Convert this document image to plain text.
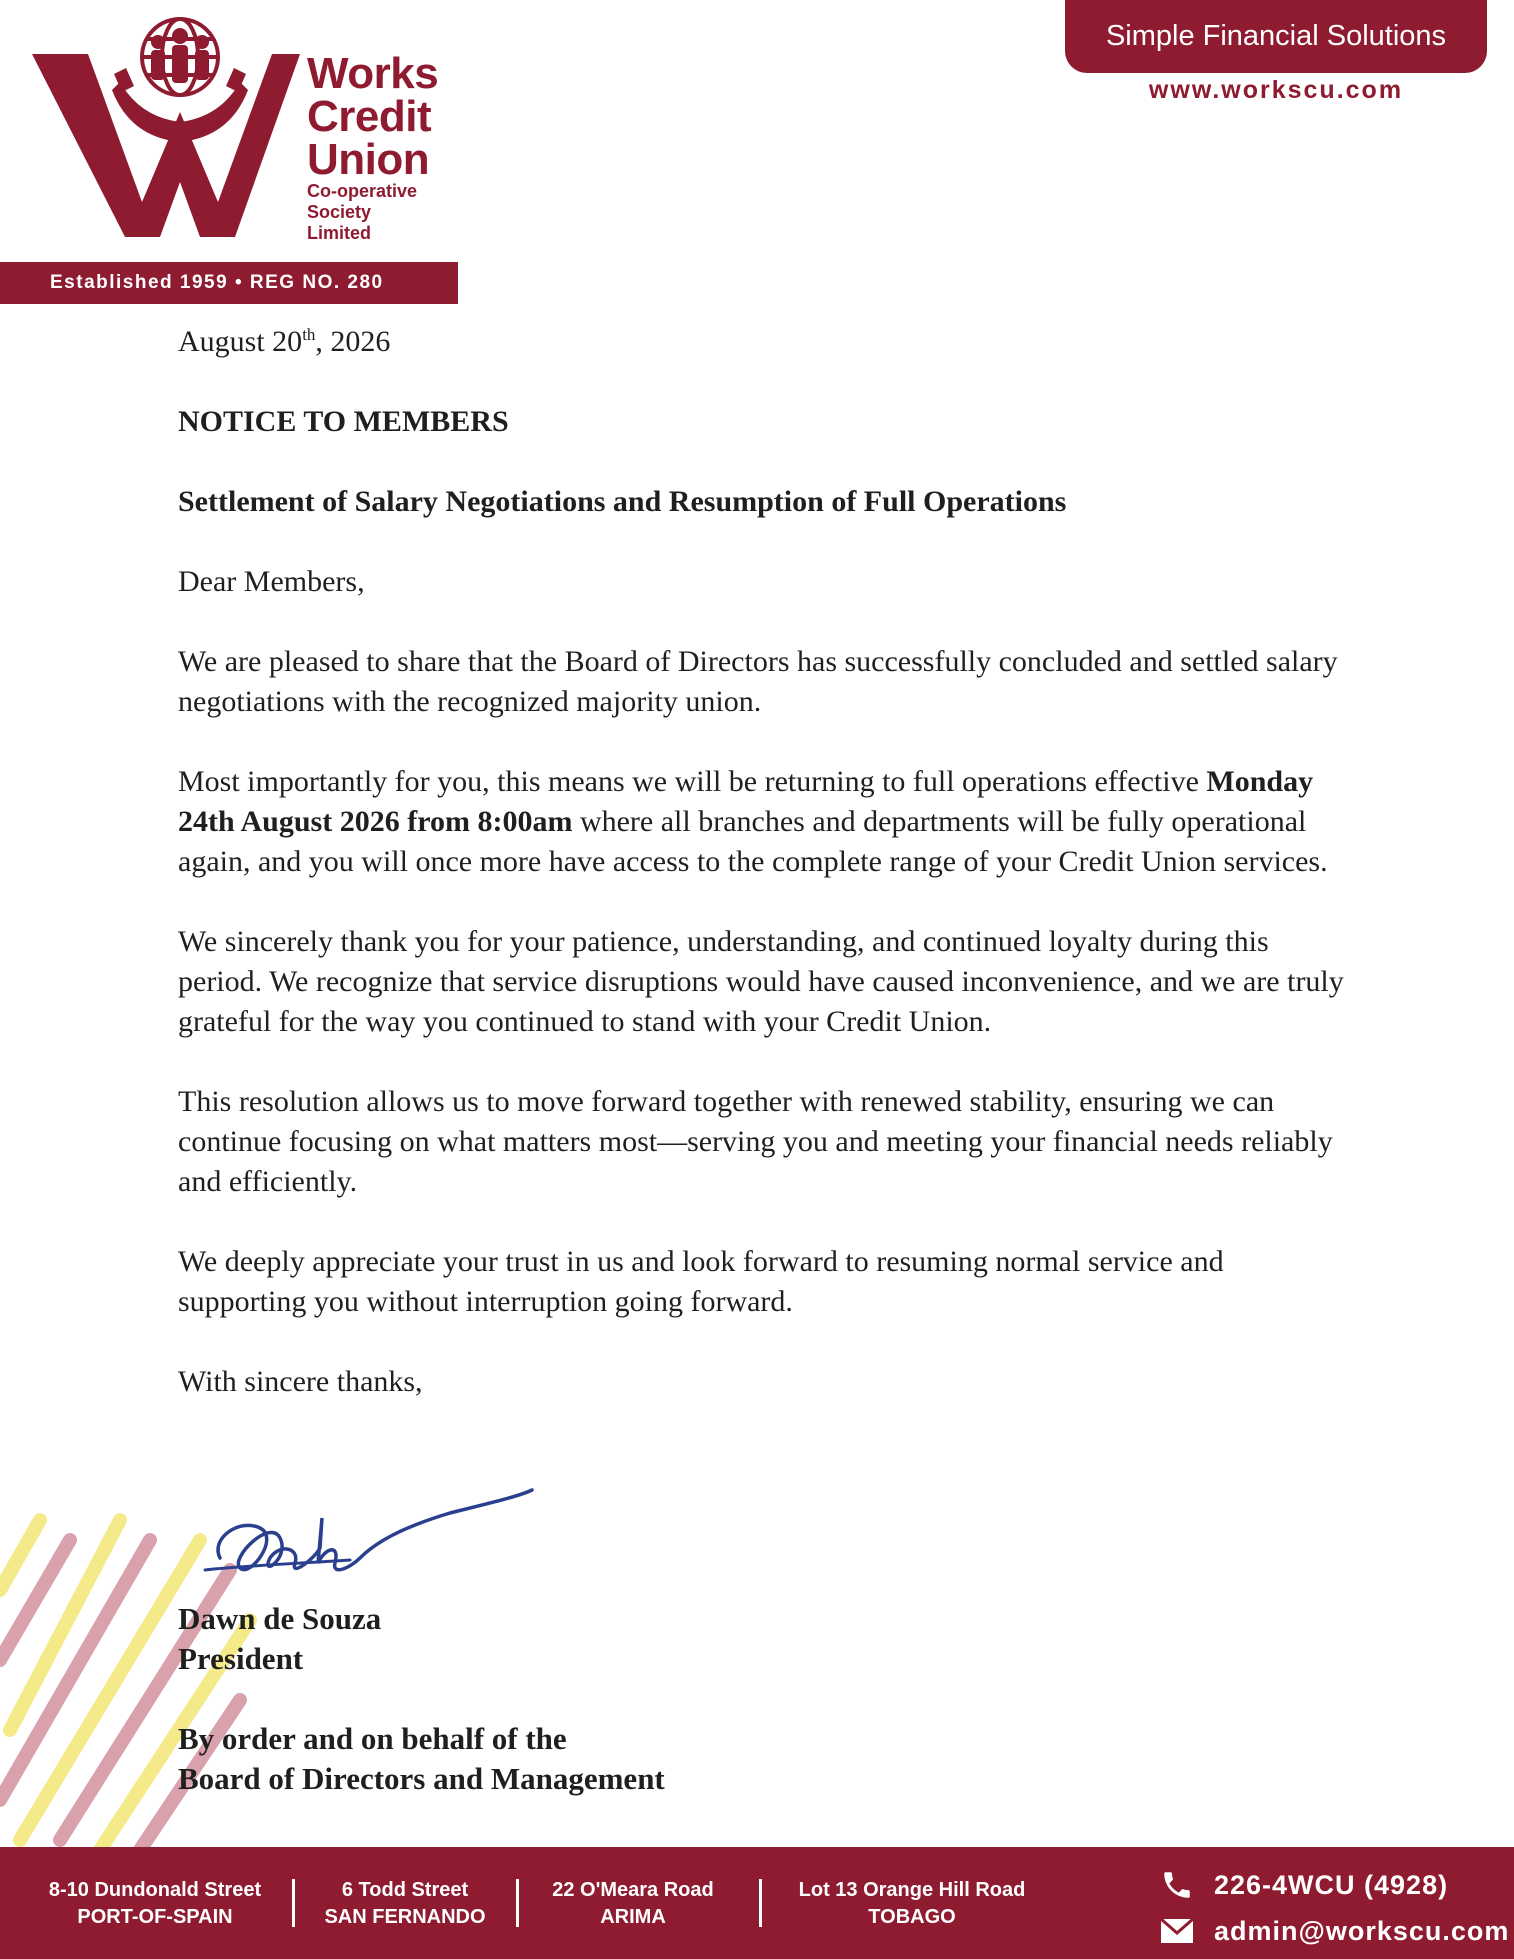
Works
Credit
Union
Co-operative
Society
Limited
Established 1959 • REG NO. 280
Simple Financial Solutions
www.workscu.com
August 20th, 2026
NOTICE TO MEMBERS
Settlement of Salary Negotiations and Resumption of Full Operations
Dear Members,
We are pleased to share that the Board of Directors has successfully concluded and settled salary negotiations with the recognized majority union.
Most importantly for you, this means we will be returning to full operations effective Monday 24th August 2026 from 8:00am where all branches and departments will be fully operational again, and you will once more have access to the complete range of your Credit Union services.
We sincerely thank you for your patience, understanding, and continued loyalty during this period. We recognize that service disruptions would have caused inconvenience, and we are truly grateful for the way you continued to stand with your Credit Union.
This resolution allows us to move forward together with renewed stability, ensuring we can continue focusing on what matters most—serving you and meeting your financial needs reliably and efficiently.
We deeply appreciate your trust in us and look forward to resuming normal service and supporting you without interruption going forward.
With sincere thanks,
Dawn de Souza
President
By order and on behalf of the
Board of Directors and Management
8-10 Dundonald Street
PORT-OF-SPAIN
6 Todd Street
SAN FERNANDO
22 O'Meara Road
ARIMA
Lot 13 Orange Hill Road
TOBAGO
226-4WCU (4928)
admin@workscu.com
